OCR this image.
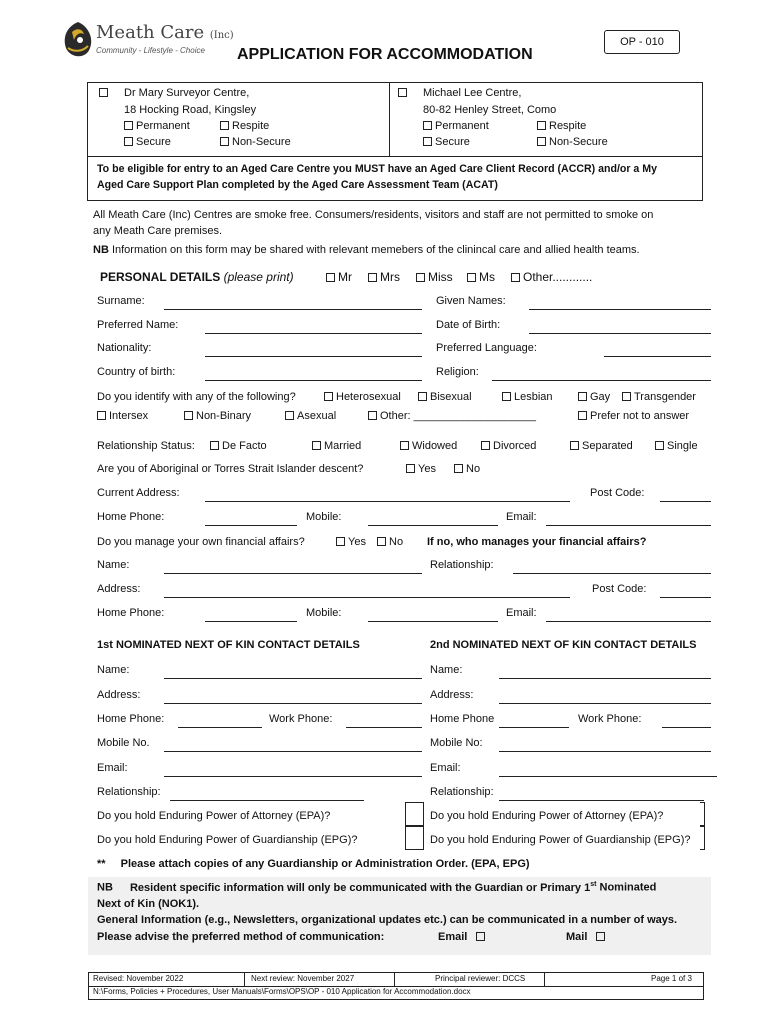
Meath Care (Inc)
Community - Lifestyle - Choice
OP - 010
APPLICATION FOR ACCOMMODATION
Dr Mary Surveyor Centre,
18 Hocking Road, Kingsley
Permanent	Respite
Secure	Non-Secure
Michael Lee Centre,
80-82 Henley Street, Como
Permanent	Respite
Secure	Non-Secure
To be eligible for entry to an Aged Care Centre you MUST have an Aged Care Client Record (ACCR) and/or a My
Aged Care Support Plan completed by the Aged Care Assessment Team (ACAT)
All Meath Care (Inc) Centres are smoke free. Consumers/residents, visitors and staff are not permitted to smoke on
any Meath Care premises.
NB Information on this form may be shared with relevant memebers of the clinincal care and allied health teams.
PERSONAL DETAILS (please print)	Mr	Mrs	Miss	Ms	Other............
Surname:	Given Names:
Preferred Name:	Date of Birth:
Nationality:	Preferred Language:
Country of birth:	Religion:
Do you identify with any of the following?	Heterosexual	Bisexual	Lesbian	Gay	Transgender
Intersex	Non-Binary	Asexual	Other: ____________________	Prefer not to answer
Relationship Status:	De Facto	Married	Widowed	Divorced	Separated	Single
Are you of Aboriginal or Torres Strait Islander descent?	Yes	No
Current Address:	Post Code:
Home Phone:	Mobile:	Email:
Do you manage your own financial affairs?	Yes	No If no, who manages your financial affairs?
Name:	Relationship:
Address:	Post Code:
Home Phone:	Mobile:	Email:
1st NOMINATED NEXT OF KIN CONTACT DETAILS	2nd NOMINATED NEXT OF KIN CONTACT DETAILS
Name:	Name:
Address:	Address:
Home Phone:	Work Phone:	Home Phone	Work Phone:
Mobile No.	Mobile No:
Email:	Email:
Relationship:	Relationship:
Do you hold Enduring Power of Attorney (EPA)?	Do you hold Enduring Power of Attorney (EPA)?
Do you hold Enduring Power of Guardianship (EPG)?	Do you hold Enduring Power of Guardianship (EPG)?
** Please attach copies of any Guardianship or Administration Order. (EPA, EPG)
NB Resident specific information will only be communicated with the Guardian or Primary 1st Nominated
Next of Kin (NOK1).
General Information (e.g., Newsletters, organizational updates etc.) can be communicated in a number of ways.
Please advise the preferred method of communication:	Email	Mail
Revised: November 2022	Next review: November 2027	Principal reviewer: DCCS	Page 1 of 3
N:\Forms, Policies + Procedures, User Manuals\Forms\OPS\OP - 010 Application for Accommodation.docx
